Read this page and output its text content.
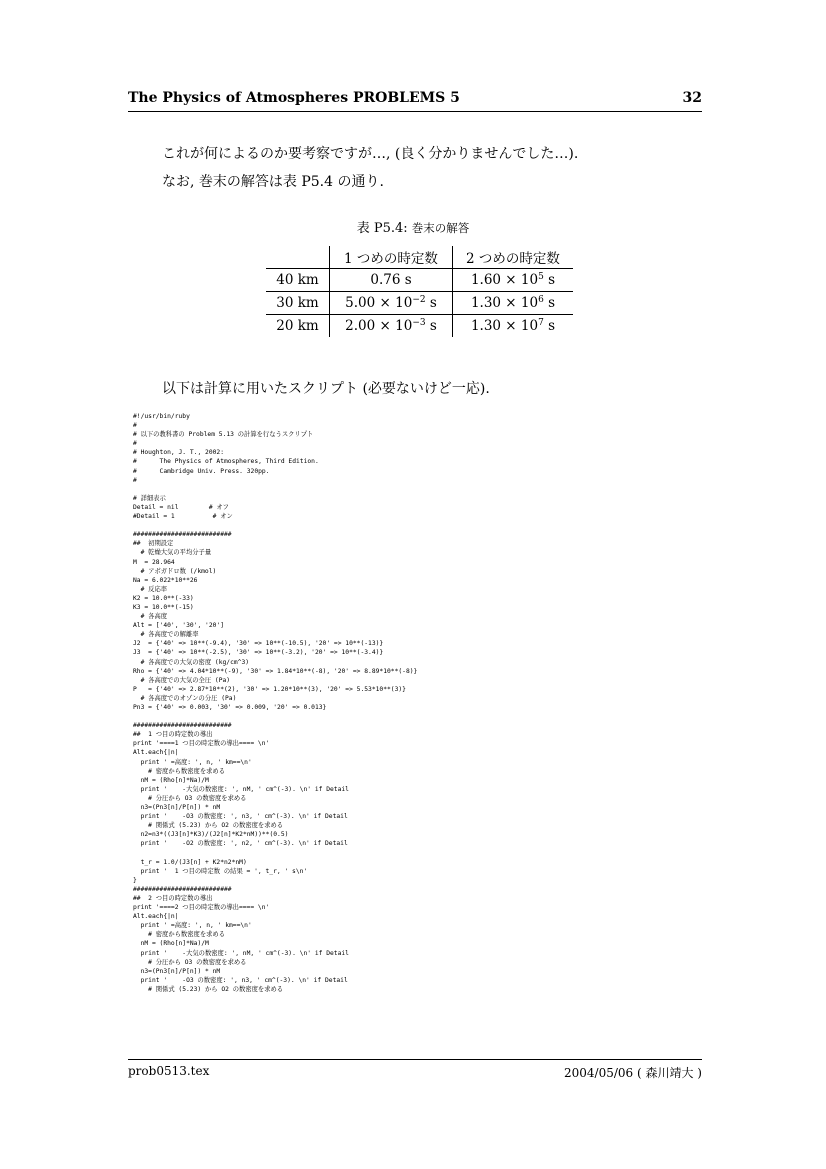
The Physics of Atmospheres PROBLEMS 5	32
これが何によるのか要考察ですが…, (良く分かりませんでした…).
なお, 巻末の解答は表 P5.4 の通り.
表 P5.4: 巻末の解答
	1 つめの時定数	2 つめの時定数
40 km	0.76 s	$1.60 \times 10^5$ s
30 km	$5.00 \times 10^{-2}$ s	$1.30 \times 10^6$ s
20 km	$2.00 \times 10^{-3}$ s	$1.30 \times 10^7$ s
以下は計算に用いたスクリプト (必要ないけど一応).
#!/usr/bin/ruby
#
# 以下の教科書の Problem 5.13 の計算を行なうスクリプト
#
# Houghton, J. T., 2002:
#      The Physics of Atmospheres, Third Edition.
#      Cambridge Univ. Press. 320pp.
#

# 詳細表示
Detail = nil        # オフ
#Detail = 1          # オン

##########################
##  初期設定
# 乾燥大気の平均分子量
M  = 28.964
# アボガドロ数 (/kmol)
Na = 6.022*10**26
# 反応率
K2 = 10.0**(-33)
K3 = 10.0**(-15)
# 各高度
Alt = ['40', '30', '20']
# 各高度での解離率
J2  = {'40' => 10**(-9.4), '30' => 10**(-10.5), '20' => 10**(-13)}
J3  = {'40' => 10**(-2.5), '30' => 10**(-3.2), '20' => 10**(-3.4)}
# 各高度での大気の密度 (kg/cm^3)
Rho = {'40' => 4.04*10**(-9), '30' => 1.84*10**(-8), '20' => 8.89*10**(-8)}
# 各高度での大気の全圧 (Pa)
P   = {'40' => 2.87*10**(2), '30' => 1.20*10**(3), '20' => 5.53*10**(3)}
# 各高度でのオゾンの分圧 (Pa)
Pn3 = {'40' => 0.003, '30' => 0.009, '20' => 0.013}

##########################
##  1 つ目の時定数の導出
print '====1 つ目の時定数の導出==== \n'
Alt.each{|n|
print ' =高度: ', n, ' km==\n'
# 密度から数密度を求める
nM = (Rho[n]*Na)/M
print '    -大気の数密度: ', nM, ' cm^(-3). \n' if Detail
# 分圧から O3 の数密度を求める
n3=(Pn3[n]/P[n]) * nM
print '    -O3 の数密度: ', n3, ' cm^(-3). \n' if Detail
# 関係式 (5.23) から O2 の数密度を求める
n2=n3*((J3[n]*K3)/(J2[n]*K2*nM))**(0.5)
print '    -O2 の数密度: ', n2, ' cm^(-3). \n' if Detail

t_r = 1.0/(J3[n] + K2*n2*nM)
print '  1 つ目の時定数 の結果 = ', t_r, ' s\n'
}
##########################
##  2 つ目の時定数の導出
print '====2 つ目の時定数の導出==== \n'
Alt.each{|n|
print ' =高度: ', n, ' km==\n'
# 密度から数密度を求める
nM = (Rho[n]*Na)/M
print '    -大気の数密度: ', nM, ' cm^(-3). \n' if Detail
# 分圧から O3 の数密度を求める
n3=(Pn3[n]/P[n]) * nM
print '    -O3 の数密度: ', n3, ' cm^(-3). \n' if Detail
# 関係式 (5.23) から O2 の数密度を求める
prob0513.tex	2004/05/06 ( 森川靖大 )
